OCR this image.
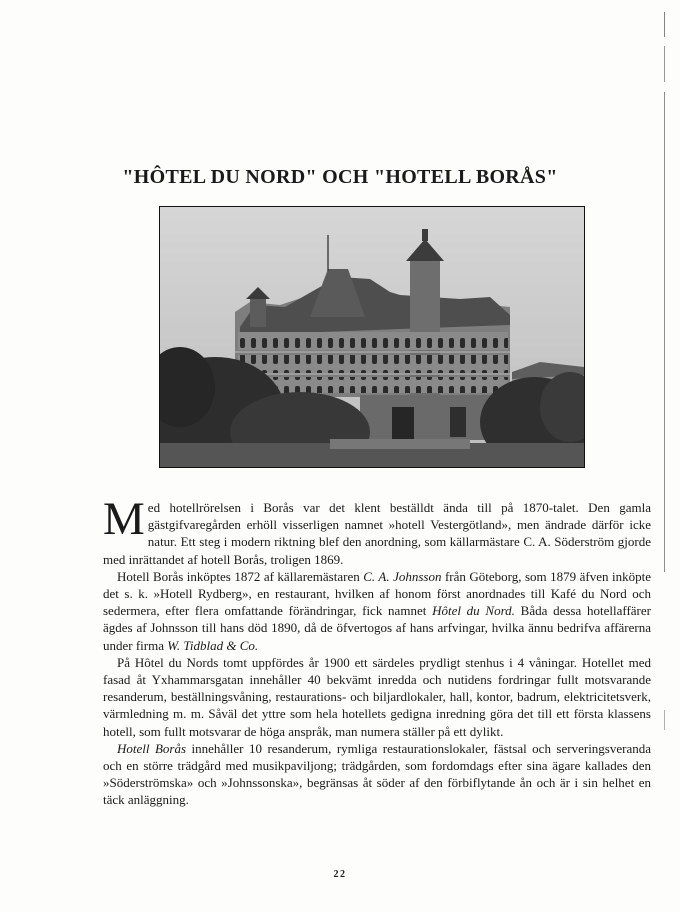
"HÔTEL DU NORD" OCH "HOTELL BORÅS"

Med hotellrörelsen i Borås var det klent beställdt ända till på 1870-talet. Den gamla gästgifvaregården erhöll visserligen namnet »hotell Vestergötland», men ändrade därför icke natur. Ett steg i modern riktning blef den anordning, som källarmästare C. A. Söderström gjorde med inrättandet af hotell Borås, troligen 1869.

Hotell Borås inköptes 1872 af källaremästaren C. A. Johnsson från Göteborg, som 1879 äfven inköpte det s. k. »Hotell Rydberg», en restaurant, hvilken af honom först anordnades till Kafé du Nord och sedermera, efter flera omfattande förändringar, fick namnet Hôtel du Nord. Båda dessa hotellaffärer ägdes af Johnsson till hans död 1890, då de öfvertogos af hans arfvingar, hvilka ännu bedrifva affärerna under firma W. Tidblad & Co.

På Hôtel du Nords tomt uppfördes år 1900 ett särdeles prydligt stenhus i 4 våningar. Hotellet med fasad åt Yxhammarsgatan innehåller 40 bekvämt inredda och nutidens fordringar fullt motsvarande resanderum, beställningsvåning, restaurations- och biljardlokaler, hall, kontor, badrum, elektricitetsverk, värmledning m. m. Såväl det yttre som hela hotellets gedigna inredning göra det till ett första klassens hotell, som fullt motsvarar de höga anspråk, man numera ställer på ett dylikt.

Hotell Borås innehåller 10 resanderum, rymliga restaurationslokaler, fästsal och serveringsveranda och en större trädgård med musikpaviljong; trädgården, som fordomdags efter sina ägare kallades den »Söderströmska» och »Johnssonska», begränsas åt söder af den förbiflytande ån och är i sin helhet en täck anläggning.

22
